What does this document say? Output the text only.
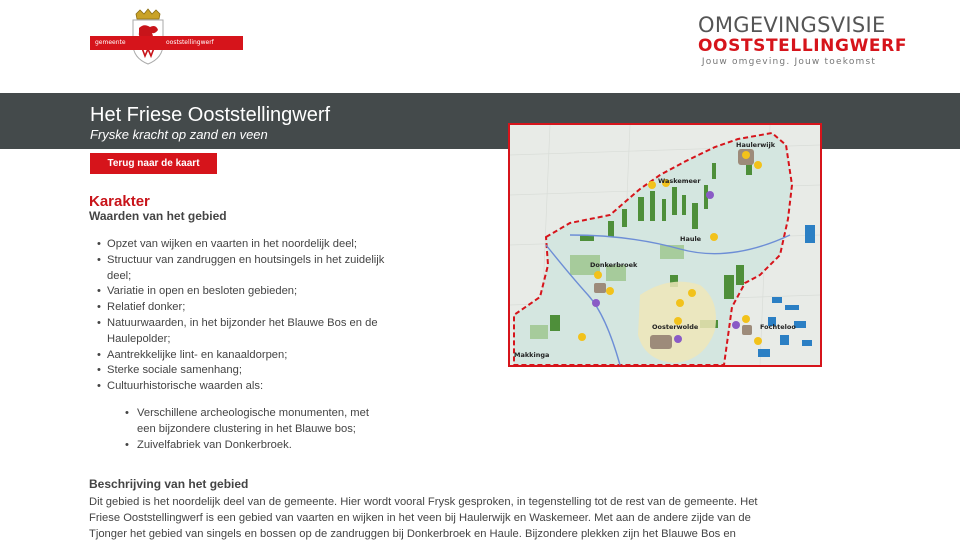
gemeente	ooststellingwerf
OMGEVINGSVISIE
OOSTSTELLINGWERF
Jouw omgeving. Jouw toekomst
Het Friese Ooststellingwerf
Fryske kracht op zand en veen
Terug naar de kaart
Karakter
Waarden van het gebied
• Opzet van wijken en vaarten in het noordelijk deel;
• Structuur van zandruggen en houtsingels in het zuidelijk deel;
• Variatie in open en besloten gebieden;
• Relatief donker;
• Natuurwaarden, in het bijzonder het Blauwe Bos en de Haulepolder;
• Aantrekkelijke lint- en kanaaldorpen;
• Sterke sociale samenhang;
• Cultuurhistorische waarden als:
• Verschillene archeologische monumenten, met een bijzondere clustering in het Blauwe bos;
• Zuivelfabriek van Donkerbroek.
Beschrijving van het gebied
Dit gebied is het noordelijk deel van de gemeente. Hier wordt vooral Frysk gesproken, in tegenstelling tot de rest van de gemeente. Het Friese Ooststellingwerf is een gebied van vaarten en wijken in het veen bij Haulerwijk en Waskemeer. Met aan de andere zijde van de Tjonger het gebied van singels en bossen op de zandruggen bij Donkerbroek en Haule. Bijzondere plekken zijn het Blauwe Bos en
Haulerwijk
Waskemeer
Haule
Donkerbroek
Oosterwolde
Makkinga
Fochteloo
